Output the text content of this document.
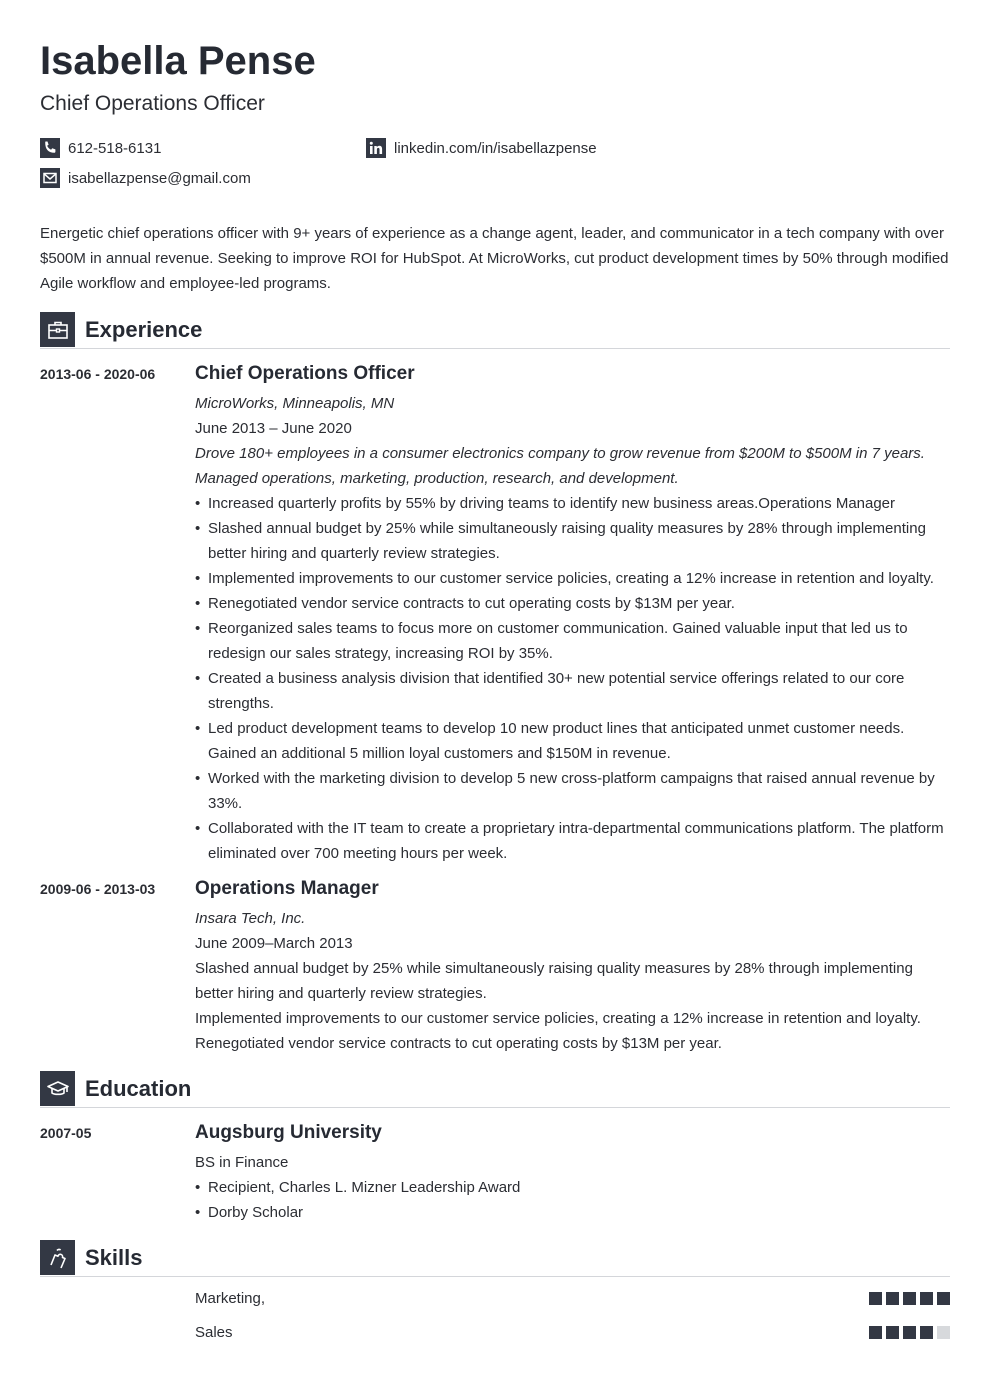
Isabella Pense
Chief Operations Officer
612-518-6131	linkedin.com/in/isabellazpense
isabellazpense@gmail.com
Energetic chief operations officer with 9+ years of experience as a change agent, leader, and communicator in a tech company with over $500M in annual revenue. Seeking to improve ROI for HubSpot. At MicroWorks, cut product development times by 50% through modified Agile workflow and employee-led programs.
Experience
2013-06 - 2020-06	Chief Operations Officer
MicroWorks, Minneapolis, MN
June 2013 – June 2020
Drove 180+ employees in a consumer electronics company to grow revenue from $200M to $500M in 7 years. Managed operations, marketing, production, research, and development.
• Increased quarterly profits by 55% by driving teams to identify new business areas.Operations Manager
• Slashed annual budget by 25% while simultaneously raising quality measures by 28% through implementing better hiring and quarterly review strategies.
• Implemented improvements to our customer service policies, creating a 12% increase in retention and loyalty.
• Renegotiated vendor service contracts to cut operating costs by $13M per year.
• Reorganized sales teams to focus more on customer communication. Gained valuable input that led us to redesign our sales strategy, increasing ROI by 35%.
• Created a business analysis division that identified 30+ new potential service offerings related to our core strengths.
• Led product development teams to develop 10 new product lines that anticipated unmet customer needs. Gained an additional 5 million loyal customers and $150M in revenue.
• Worked with the marketing division to develop 5 new cross-platform campaigns that raised annual revenue by 33%.
• Collaborated with the IT team to create a proprietary intra-departmental communications platform. The platform eliminated over 700 meeting hours per week.
2009-06 - 2013-03	Operations Manager
Insara Tech, Inc.
June 2009–March 2013
Slashed annual budget by 25% while simultaneously raising quality measures by 28% through implementing better hiring and quarterly review strategies.
Implemented improvements to our customer service policies, creating a 12% increase in retention and loyalty.
Renegotiated vendor service contracts to cut operating costs by $13M per year.
Education
2007-05	Augsburg University
BS in Finance
• Recipient, Charles L. Mizner Leadership Award
• Dorby Scholar
Skills
Marketing,
Sales
